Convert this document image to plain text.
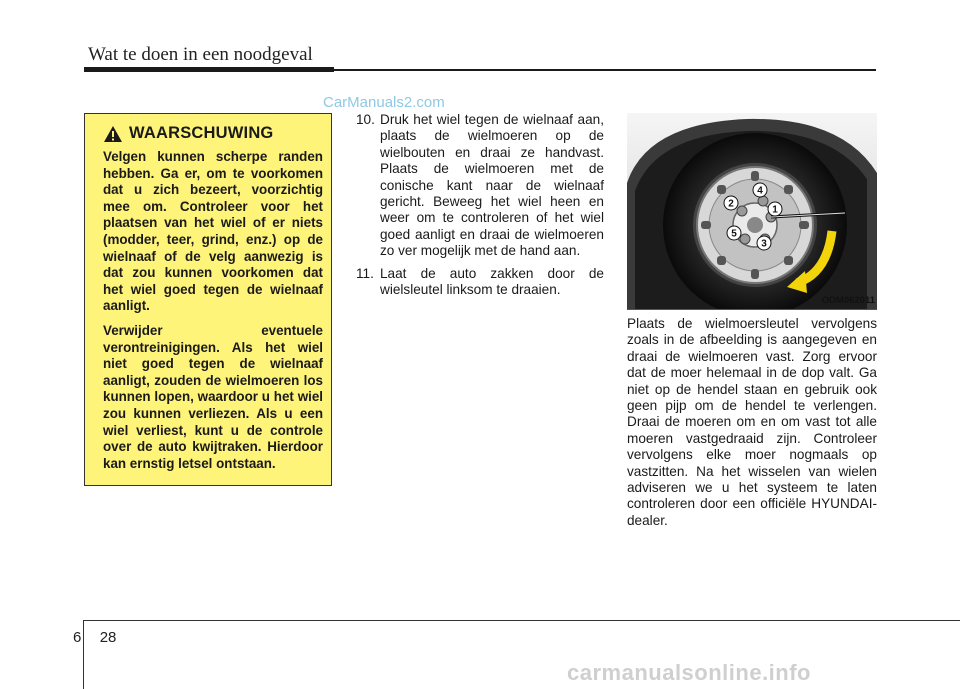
Wat te doen in een noodgeval
CarManuals2.com
WAARSCHUWING

Velgen kunnen scherpe randen hebben. Ga er, om te voorkomen dat u zich bezeert, voorzichtig mee om. Controleer voor het plaatsen van het wiel of er niets (modder, teer, grind, enz.) op de wielnaaf of de velg aanwezig is dat zou kunnen voorkomen dat het wiel goed tegen de wielnaaf aanligt.

Verwijder eventuele verontreinigingen. Als het wiel niet goed tegen de wielnaaf aanligt, zouden de wielmoeren los kunnen lopen, waardoor u het wiel zou kunnen verliezen. Als u een wiel verliest, kunt u de controle over de auto kwijtraken. Hierdoor kan ernstig letsel ontstaan.

10. Druk het wiel tegen de wielnaaf aan, plaats de wielmoeren op de wielbouten en draai ze handvast. Plaats de wielmoeren met de conische kant naar de wielnaaf gericht. Beweeg het wiel heen en weer om te controleren of het wiel goed aanligt en draai de wielmoeren zo ver mogelijk met de hand aan.
11. Laat de auto zakken door de wielsleutel linksom te draaien.
1
2
3
4
5
ODM062011

Plaats de wielmoersleutel vervolgens zoals in de afbeelding is aangegeven en draai de wielmoeren vast. Zorg ervoor dat de moer helemaal in de dop valt. Ga niet op de hendel staan en gebruik ook geen pijp om de hendel te verlengen. Draai de moeren om en om vast tot alle moeren vastgedraaid zijn. Controleer vervolgens elke moer nogmaals op vastzitten. Na het wisselen van wielen adviseren we u het systeem te laten controleren door een officiële HYUNDAI-dealer.

6 28
carmanualsonline.info
